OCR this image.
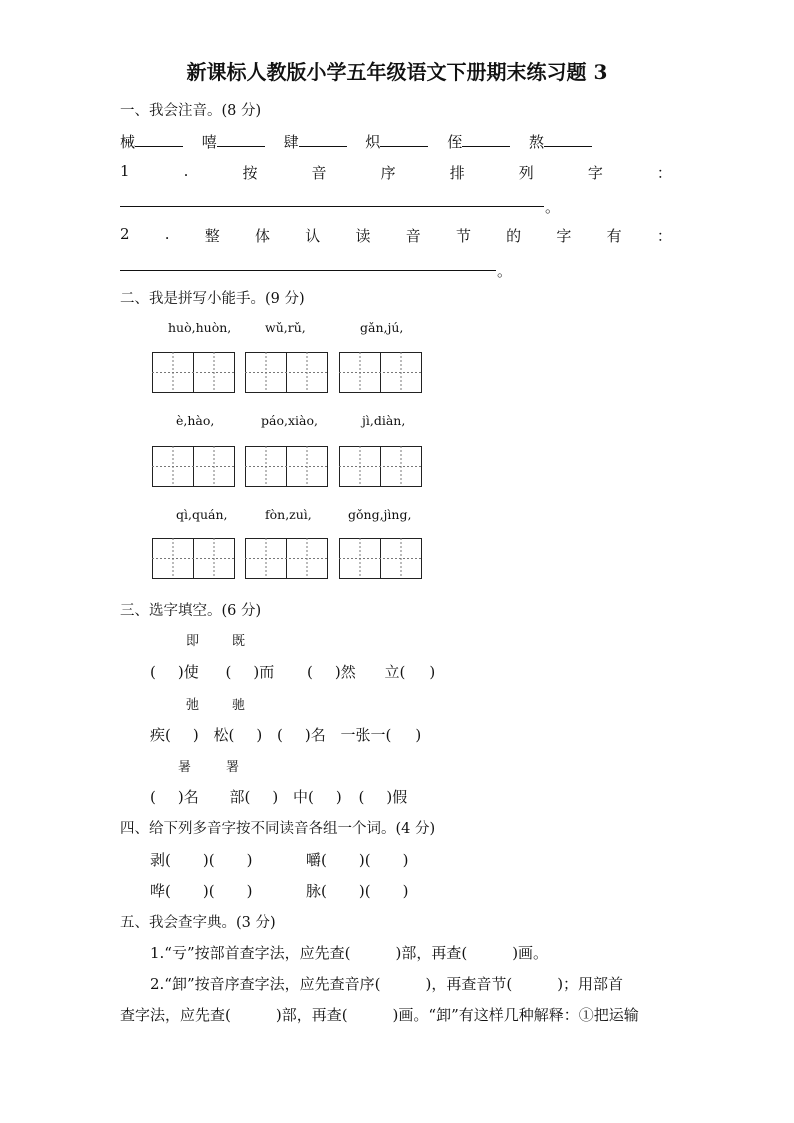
新课标人教版小学五年级语文下册期末练习题 3
一、我会注音。(8 分)
械	嘻	肆	炽	侄	熬
1	.	按	音	序	排	列	字	：
。
2 . 整 体 认 读 音 节 的 字 有 ：
。
二、我是拼写小能手。(9 分)
huò,huòn,	wǔ,rǔ,	gǎn,jú,
è,hào,	páo,xiào,	jì,diàn,
qì,quán,	fòn,zuì,	gǒng,jìng,
三、选字填空。(6 分)
即	既
( )使 ( )而 ( )然 立( )
弛	驰
疾( ) 松( ) ( )名 一张一( )
暑	署
( )名 部( ) 中( ) ( )假
四、给下列多音字按不同读音各组一个词。(4 分)
剥( )( )	嚼( )( )
哗( )( )	脉( )( )
五、我会查字典。(3 分)
1.“亏”按部首查字法，应先查(　　　)部，再查(　　　)画。
2.“卸”按音序查字法，应先查音序(　　　)，再查音节(　　　)；用部首
查字法，应先查(　　　)部，再查(　　　)画。“卸”有这样几种解释：①把运输
